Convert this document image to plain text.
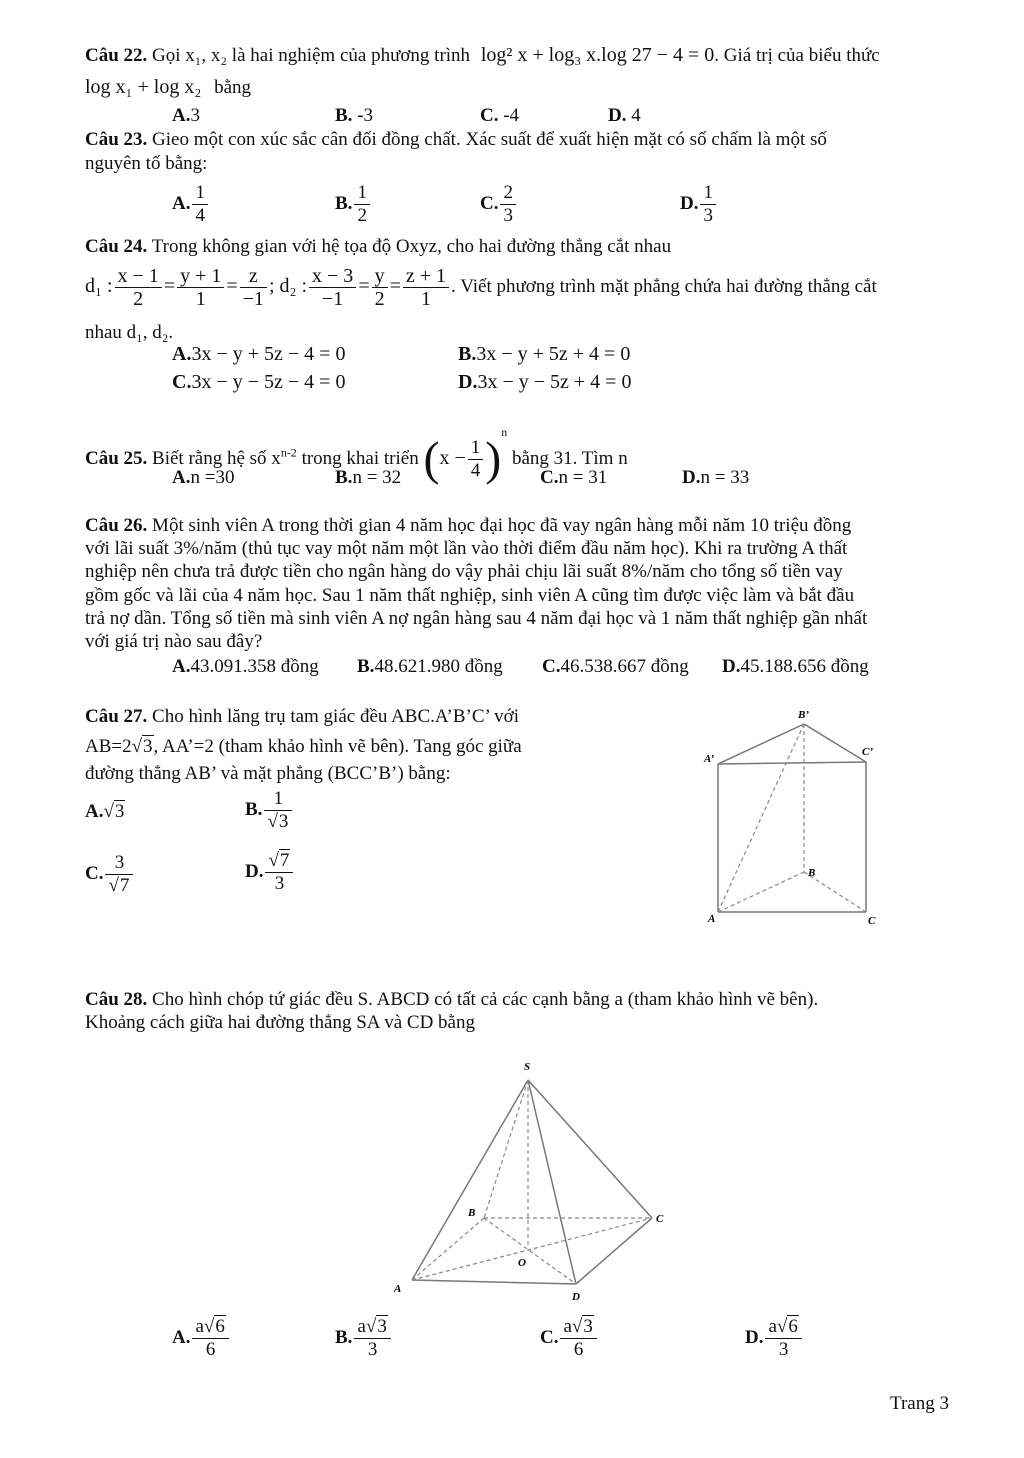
Câu 22. Gọi x₁, x₂ là hai nghiệm của phương trình log² x + log₃ x.log 27 − 4 = 0. Giá trị của biểu thức
log x₁ + log x₂ bằng
A.3	B. -3	C. -4	D. 4
Câu 23. Gieo một con xúc sắc cân đối đồng chất. Xác suất để xuất hiện mặt có số chấm là một số
nguyên tố bằng:
A. $\frac{1}{4}$	B. $\frac{1}{2}$	C. $\frac{2}{3}$	D. $\frac{1}{3}$
Câu 24. Trong không gian với hệ tọa độ Oxyz, cho hai đường thẳng cắt nhau
d₁ : $\frac{x - 1}{2} = \frac{y + 1}{1} = \frac{z}{-1}$ ; d₂ : $\frac{x - 3}{-1} = \frac{y}{2} = \frac{z + 1}{1}$ . Viết phương trình mặt phẳng chứa hai đường thẳng cắt
nhau d₁, d₂.
A.3x − y + 5z − 4 = 0	B.3x − y + 5z + 4 = 0
C.3x − y − 5z − 4 = 0	D.3x − y − 5z + 4 = 0
Câu 25. Biết rằng hệ số $x^{n-2}$ trong khai triển $(x - \frac{1}{4} )^n$ bằng 31. Tìm n
A.n =30	B.n = 32	C.n = 31	D.n = 33
Câu 26. Một sinh viên A trong thời gian 4 năm học đại học đã vay ngân hàng mỗi năm 10 triệu đồng
với lãi suất 3%/năm (thủ tục vay một năm một lần vào thời điểm đầu năm học). Khi ra trường A thất
nghiệp nên chưa trả được tiền cho ngân hàng do vậy phải chịu lãi suất 8%/năm cho tổng số tiền vay
gồm gốc và lãi của 4 năm học. Sau 1 năm thất nghiệp, sinh viên A cũng tìm được việc làm và bắt đầu
trả nợ dần. Tổng số tiền mà sinh viên A nợ ngân hàng sau 4 năm đại học và 1 năm thất nghiệp gần nhất
với giá trị nào sau đây?
A.43.091.358 đồng B.48.621.980 đồng C.46.538.667 đồng D.45.188.656 đồng
Câu 27. Cho hình lăng trụ tam giác đều ABC.A’B’C’ với
AB=2√3, AA’=2 (tham khảo hình vẽ bên). Tang góc giữa
đường thẳng AB’ và mặt phẳng (BCC’B’) bằng:
A.√3	B. $\frac{1}{√3}$
C. $\frac{3}{√7}$	D. $\frac{√7}{3}$
A’
B’
C’
A
B
C
Câu 28. Cho hình chóp tứ giác đều S. ABCD có tất cả các cạnh bằng a (tham khảo hình vẽ bên).
Khoảng cách giữa hai đường thẳng SA và CD bằng
S
B	C
A
D
O
A. $\frac{a√6}{6}$	B. $\frac{a√3}{3}$	C. $\frac{a√3}{6}$	D. $\frac{a√6}{3}$
Trang 3
